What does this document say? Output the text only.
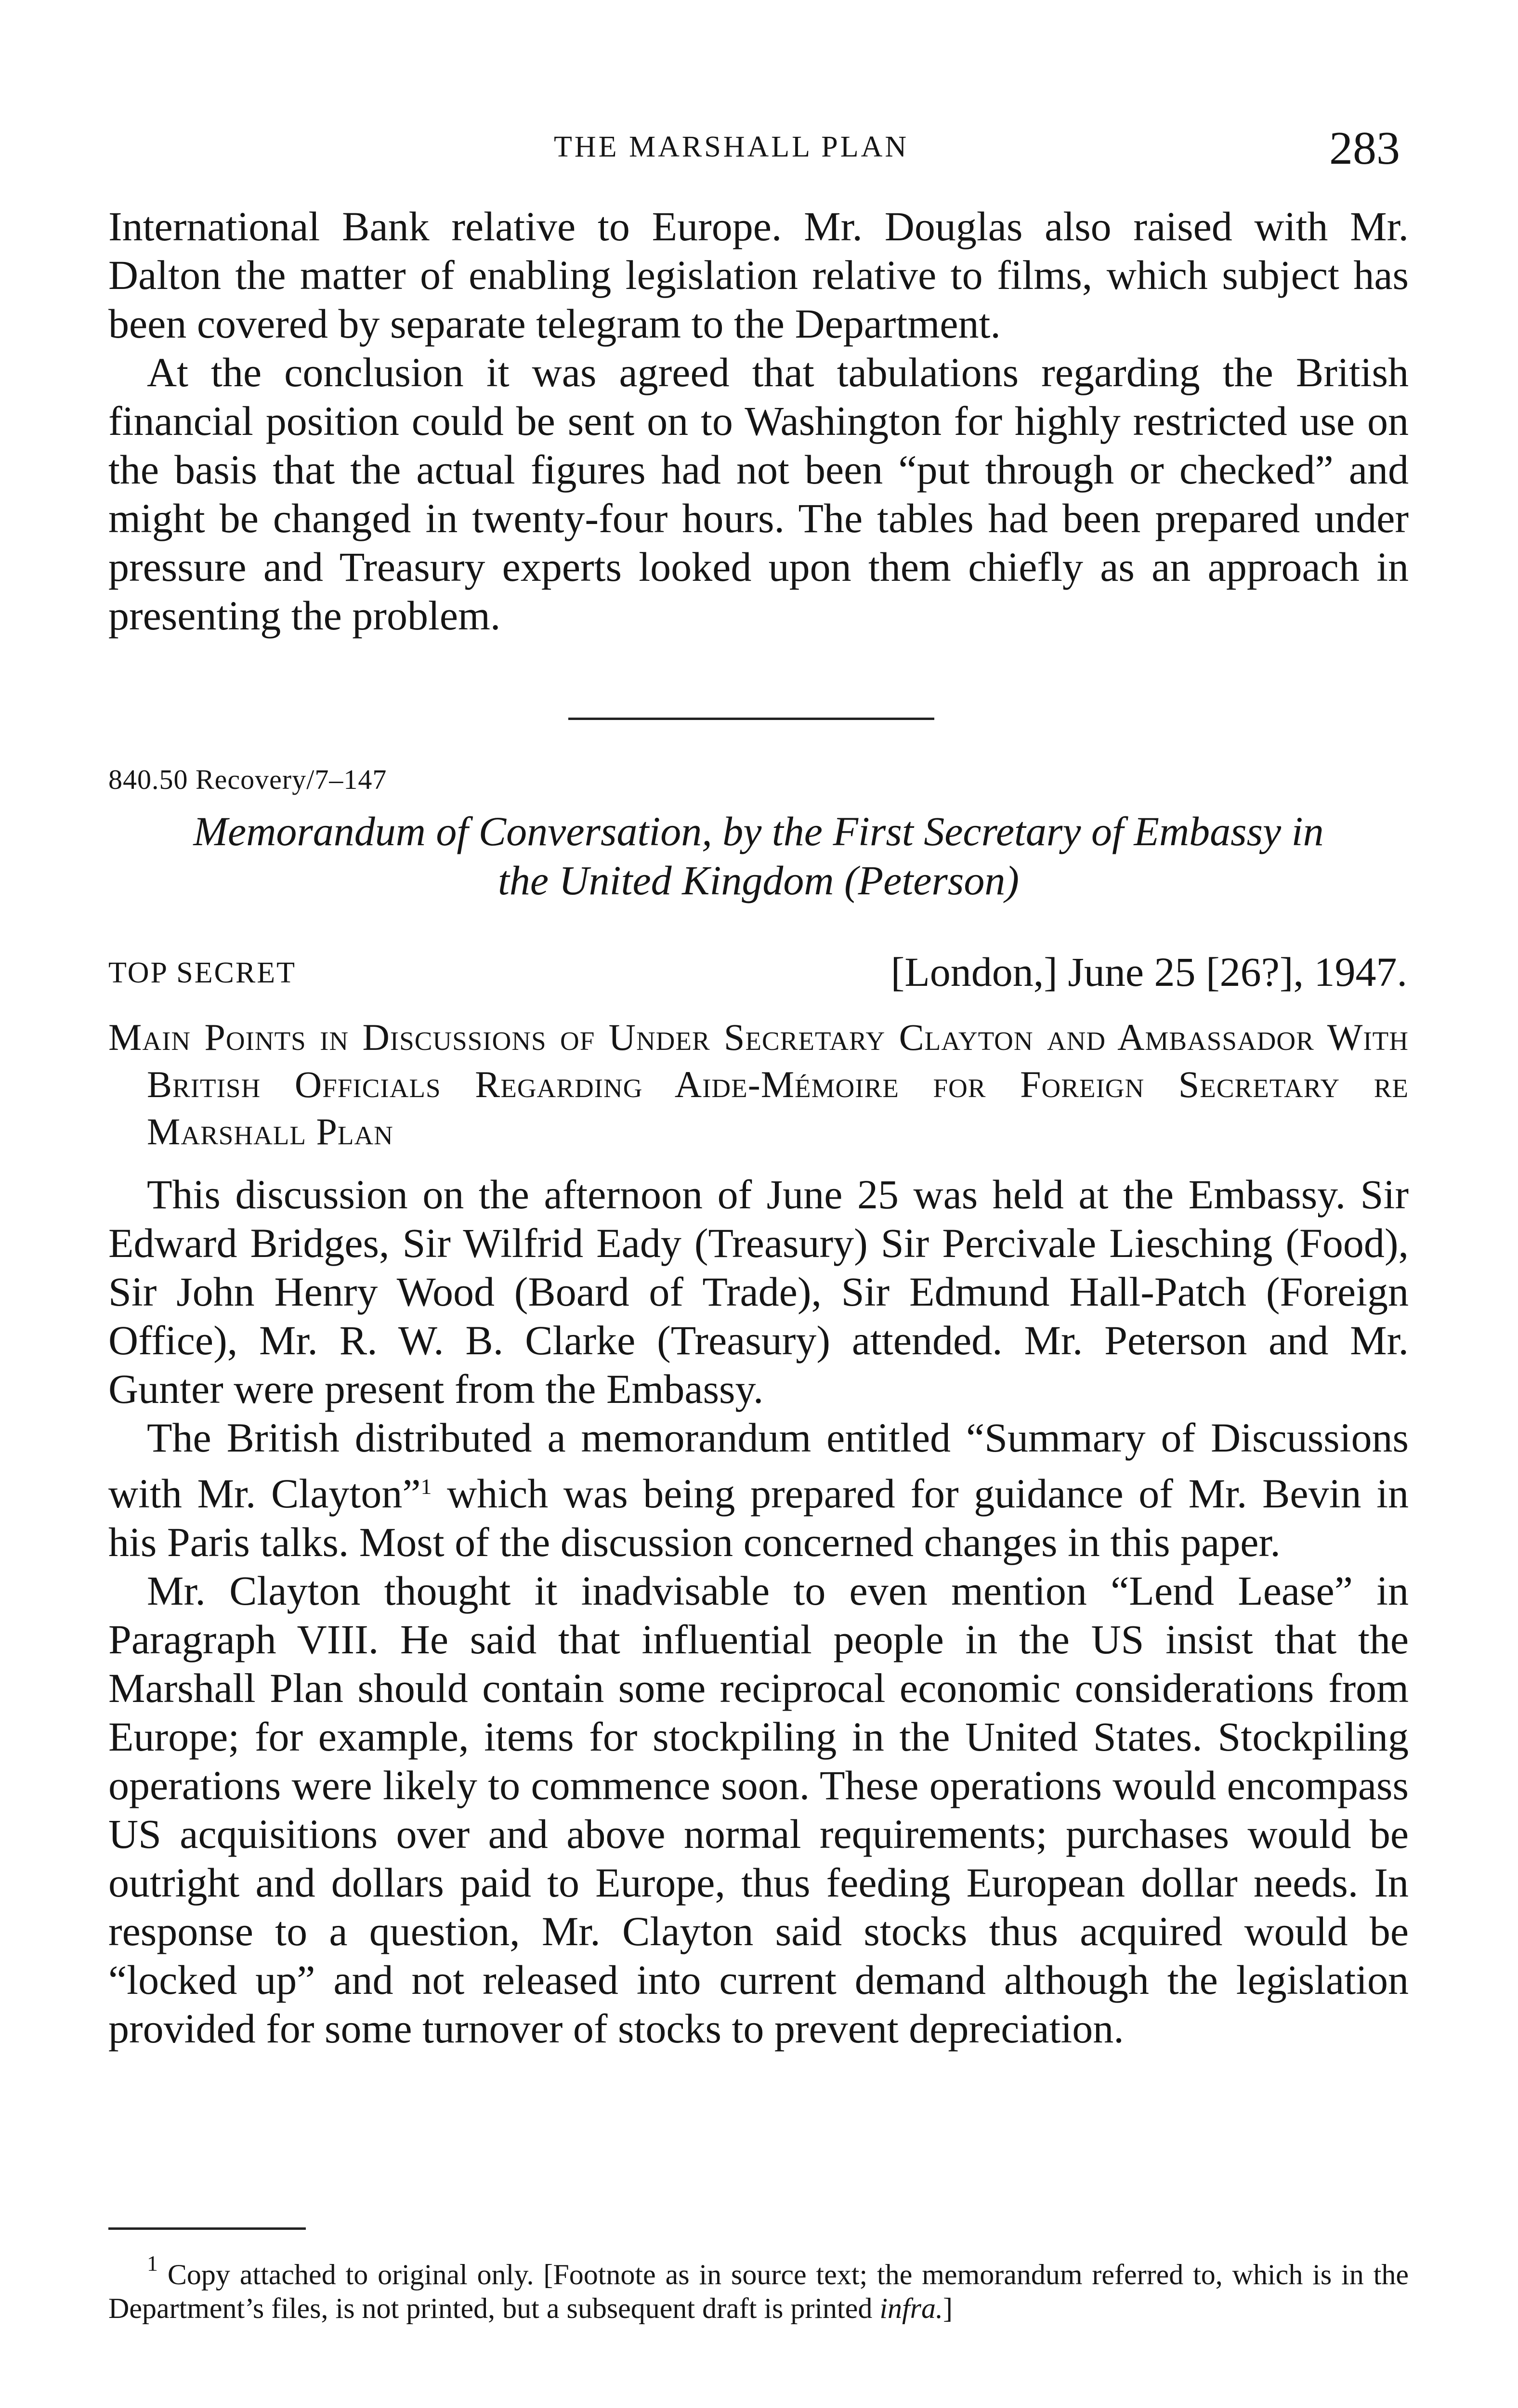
THE MARSHALL PLAN	283

International Bank relative to Europe. Mr. Douglas also raised with Mr. Dalton the matter of enabling legislation relative to films, which subject has been covered by separate telegram to the Department.

At the conclusion it was agreed that tabulations regarding the British financial position could be sent on to Washington for highly restricted use on the basis that the actual figures had not been “put through or checked” and might be changed in twenty-four hours. The tables had been prepared under pressure and Treasury experts looked upon them chiefly as an approach in presenting the problem.

840.50 Recovery/7–147
Memorandum of Conversation, by the First Secretary of Embassy in
the United Kingdom (Peterson)
TOP SECRET	[London,] June 25 [26?], 1947.

Main Points in Discussions of Under Secretary Clayton and Ambassador With British Officials Regarding Aide-Mémoire for Foreign Secretary re Marshall Plan

This discussion on the afternoon of June 25 was held at the Embassy. Sir Edward Bridges, Sir Wilfrid Eady (Treasury) Sir Percivale Liesching (Food), Sir John Henry Wood (Board of Trade), Sir Edmund Hall-Patch (Foreign Office), Mr. R. W. B. Clarke (Treasury) attended. Mr. Peterson and Mr. Gunter were present from the Embassy.

The British distributed a memorandum entitled “Summary of Discussions with Mr. Clayton”$^1$ which was being prepared for guidance of Mr. Bevin in his Paris talks. Most of the discussion concerned changes in this paper.

Mr. Clayton thought it inadvisable to even mention “Lend Lease” in Paragraph VIII. He said that influential people in the US insist that the Marshall Plan should contain some reciprocal economic considerations from Europe; for example, items for stockpiling in the United States. Stockpiling operations were likely to commence soon. These operations would encompass US acquisitions over and above normal requirements; purchases would be outright and dollars paid to Europe, thus feeding European dollar needs. In response to a question, Mr. Clayton said stocks thus acquired would be “locked up” and not released into current demand although the legislation provided for some turnover of stocks to prevent depreciation.

$^1$ Copy attached to original only. [Footnote as in source text; the memorandum referred to, which is in the Department’s files, is not printed, but a subsequent draft is printed infra.]
